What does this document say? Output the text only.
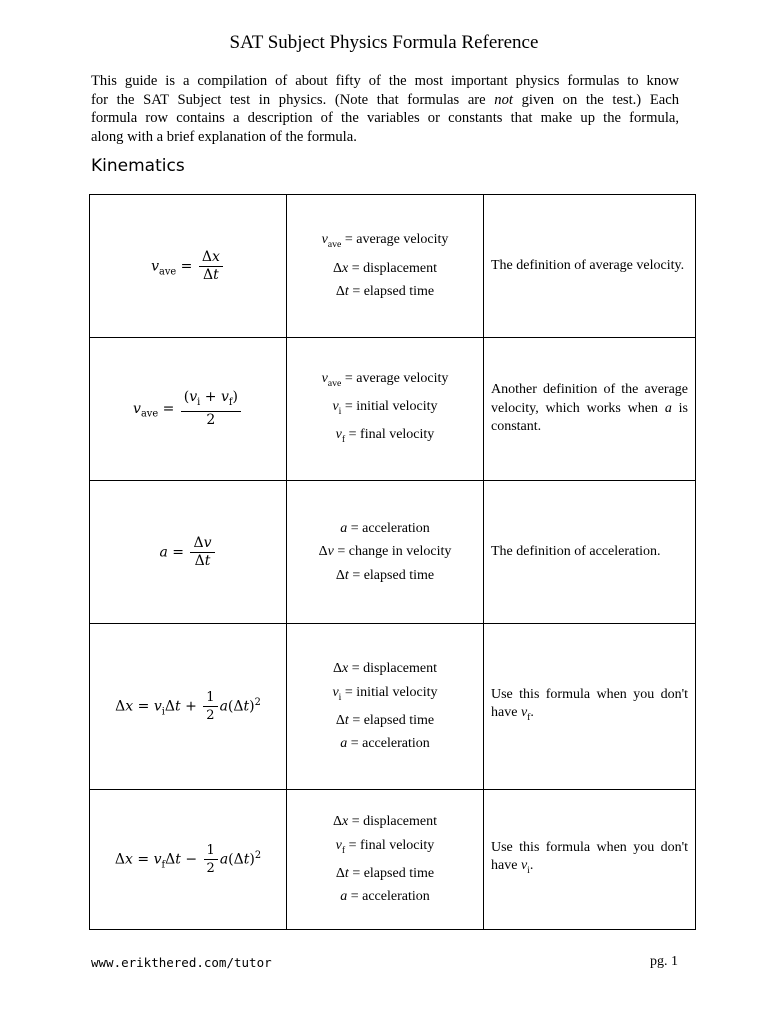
SAT Subject Physics Formula Reference
This guide is a compilation of about fifty of the most important physics formulas to know
for the SAT Subject test in physics. (Note that formulas are not given on the test.) Each
formula row contains a description of the variables or constants that make up the formula,
along with a brief explanation of the formula.
Kinematics
$v_{ave} = \frac{\Delta x}{\Delta t}$	$v_{ave}$ = average velocity
Δx = displacement
Δt = elapsed time	The definition of average velocity.
$v_{ave} = \frac{(v_i + v_f)}{2}$	$v_{ave}$ = average velocity
$v_i$ = initial velocity
$v_f$ = final velocity	Another definition of the average velocity, which works when a is constant.
$a = \frac{\Delta v}{\Delta t}$	a = acceleration
Δv = change in velocity
Δt = elapsed time	The definition of acceleration.
$\Delta x = v_i\Delta t + \frac{1}{2} a(\Delta t)^2$	Δx = displacement
$v_i$ = initial velocity
Δt = elapsed time
a = acceleration	Use this formula when you don't have $v_f$.
$\Delta x = v_f\Delta t - \frac{1}{2} a(\Delta t)^2$	Δx = displacement
$v_f$ = final velocity
Δt = elapsed time
a = acceleration	Use this formula when you don't have $v_i$.
www.erikthered.com/tutor	pg. 1
